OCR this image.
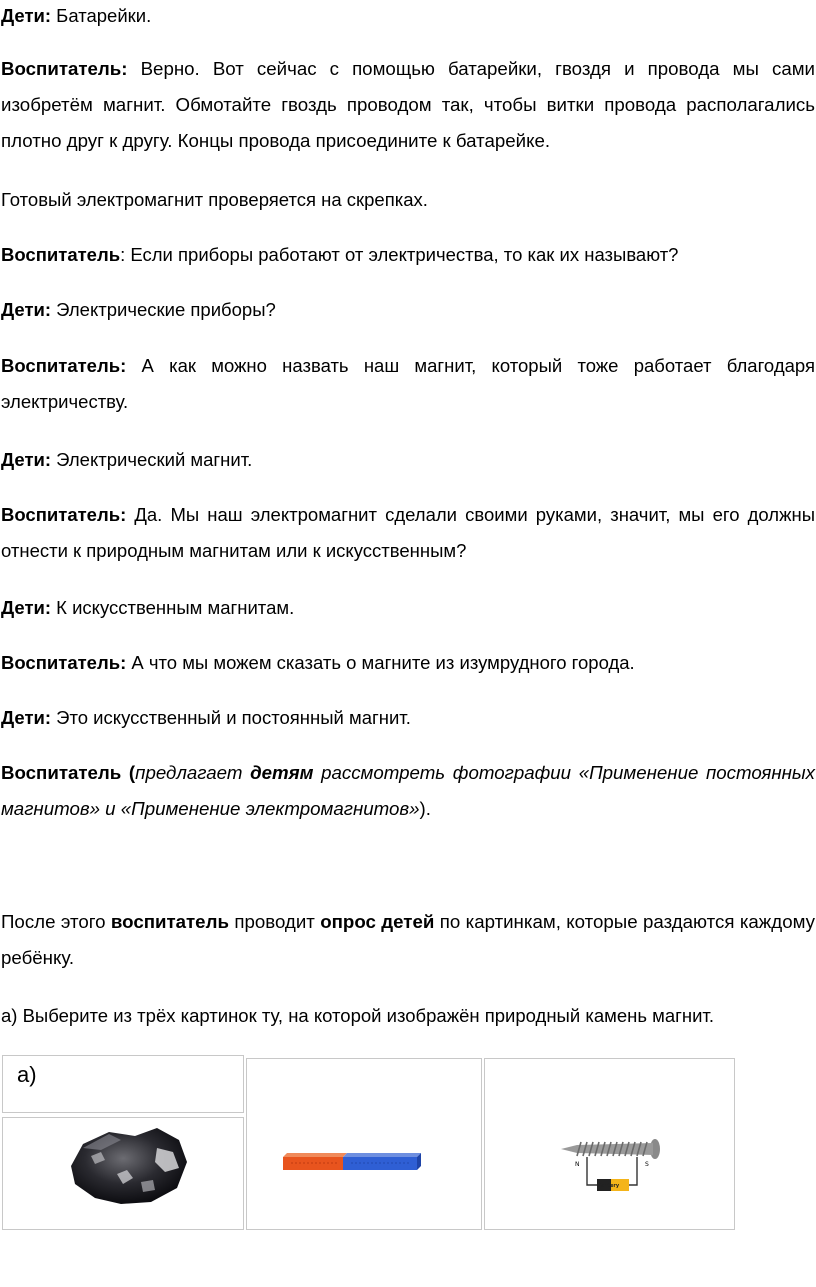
Дети: Батарейки.

Воспитатель: Верно. Вот сейчас с помощью батарейки, гвоздя и провода мы сами изобретём магнит. Обмотайте гвоздь проводом так, чтобы витки провода располагались плотно друг к другу. Концы провода присоедините к батарейке.

Готовый электромагнит проверяется на скрепках.

Воспитатель: Если приборы работают от электричества, то как их называют?

Дети: Электрические приборы?

Воспитатель: А как можно назвать наш магнит, который тоже работает благодаря электричеству.

Дети: Электрический магнит.

Воспитатель: Да. Мы наш электромагнит сделали своими руками, значит, мы его должны отнести к природным магнитам или к искусственным?

Дети: К искусственным магнитам.

Воспитатель: А что мы можем сказать о магните из изумрудного города.

Дети: Это искусственный и постоянный магнит.

Воспитатель (предлагает детям рассмотреть фотографии «Применение постоянных магнитов» и «Применение электромагнитов»).

После этого воспитатель проводит опрос детей по картинкам, которые раздаются каждому ребёнку.

а) Выберите из трёх картинок ту, на которой изображён природный камень магнит.

а)
N	S
Battery
